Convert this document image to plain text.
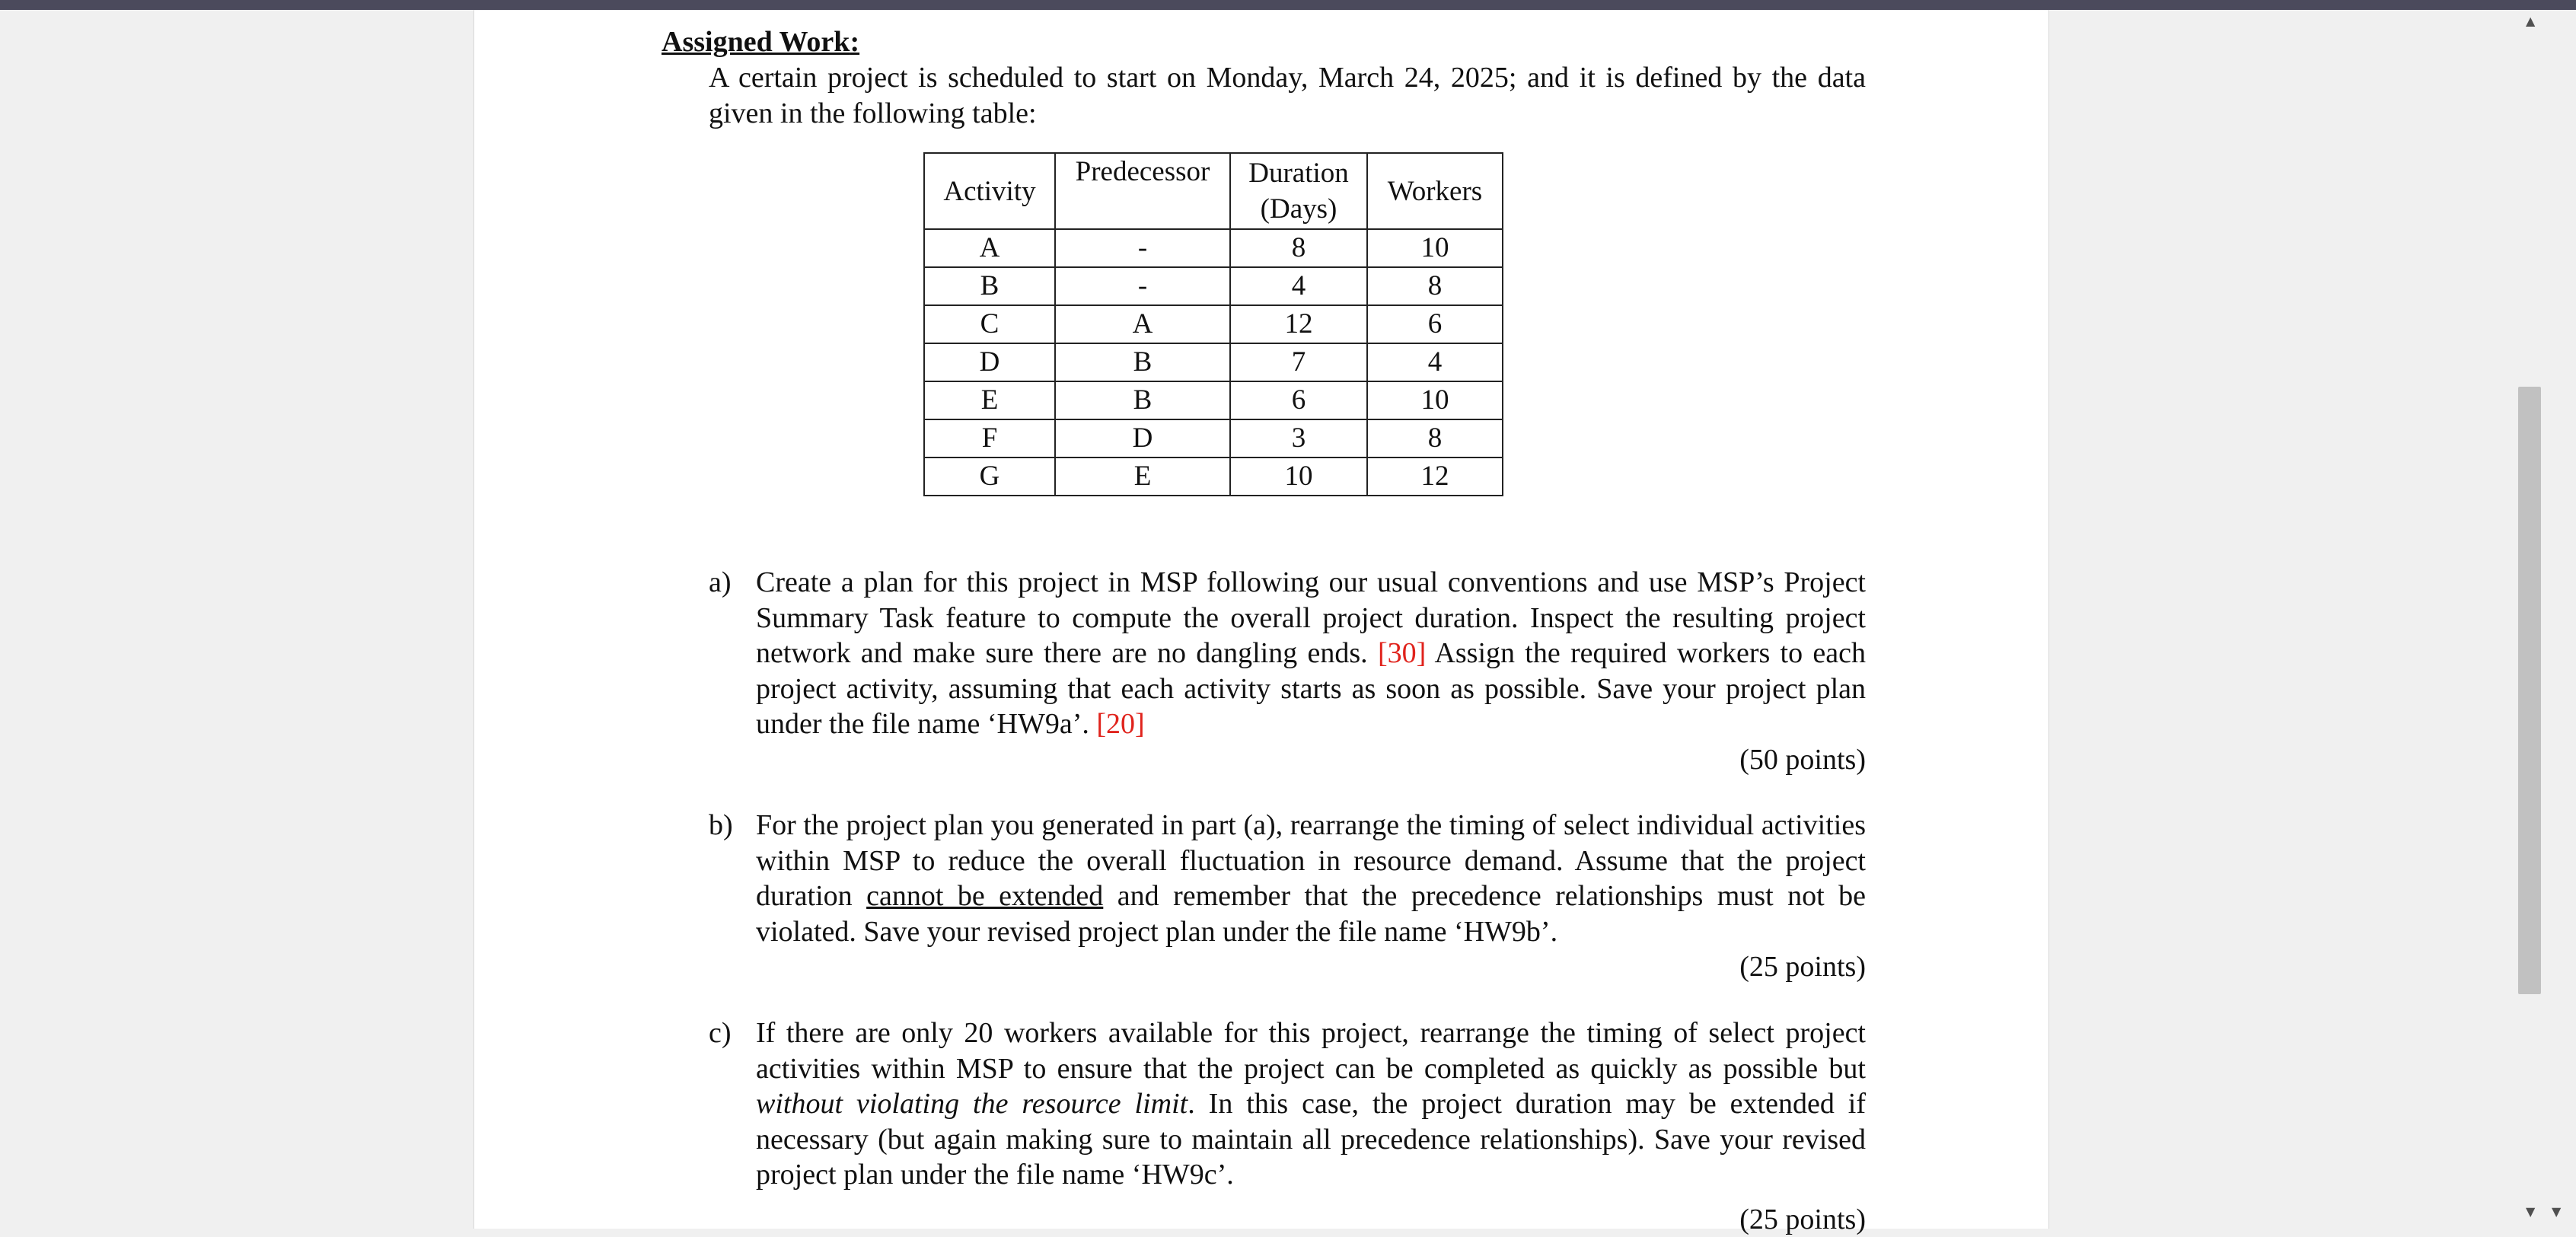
Assigned Work:

A certain project is scheduled to start on Monday, March 24, 2025; and it is defined by the data given in the following table:

Activity	Predecessor	Duration (Days)	Workers
A	-	8	10
B	-	4	8
C	A	12	6
D	B	7	4
E	B	6	10
F	D	3	8
G	E	10	12
a) Create a plan for this project in MSP following our usual conventions and use MSP’s Project Summary Task feature to compute the overall project duration. Inspect the resulting project network and make sure there are no dangling ends. [30] Assign the required workers to each project activity, assuming that each activity starts as soon as possible. Save your project plan under the file name ‘HW9a’. [20]
(50 points)
b) For the project plan you generated in part (a), rearrange the timing of select individual activities within MSP to reduce the overall fluctuation in resource demand. Assume that the project duration cannot be extended and remember that the precedence relationships must not be violated. Save your revised project plan under the file name ‘HW9b’.
(25 points)
c) If there are only 20 workers available for this project, rearrange the timing of select project activities within MSP to ensure that the project can be completed as quickly as possible but without violating the resource limit. In this case, the project duration may be extended if necessary (but again making sure to maintain all precedence relationships). Save your revised project plan under the file name ‘HW9c’.
(25 points)
▲
▼ ▼
